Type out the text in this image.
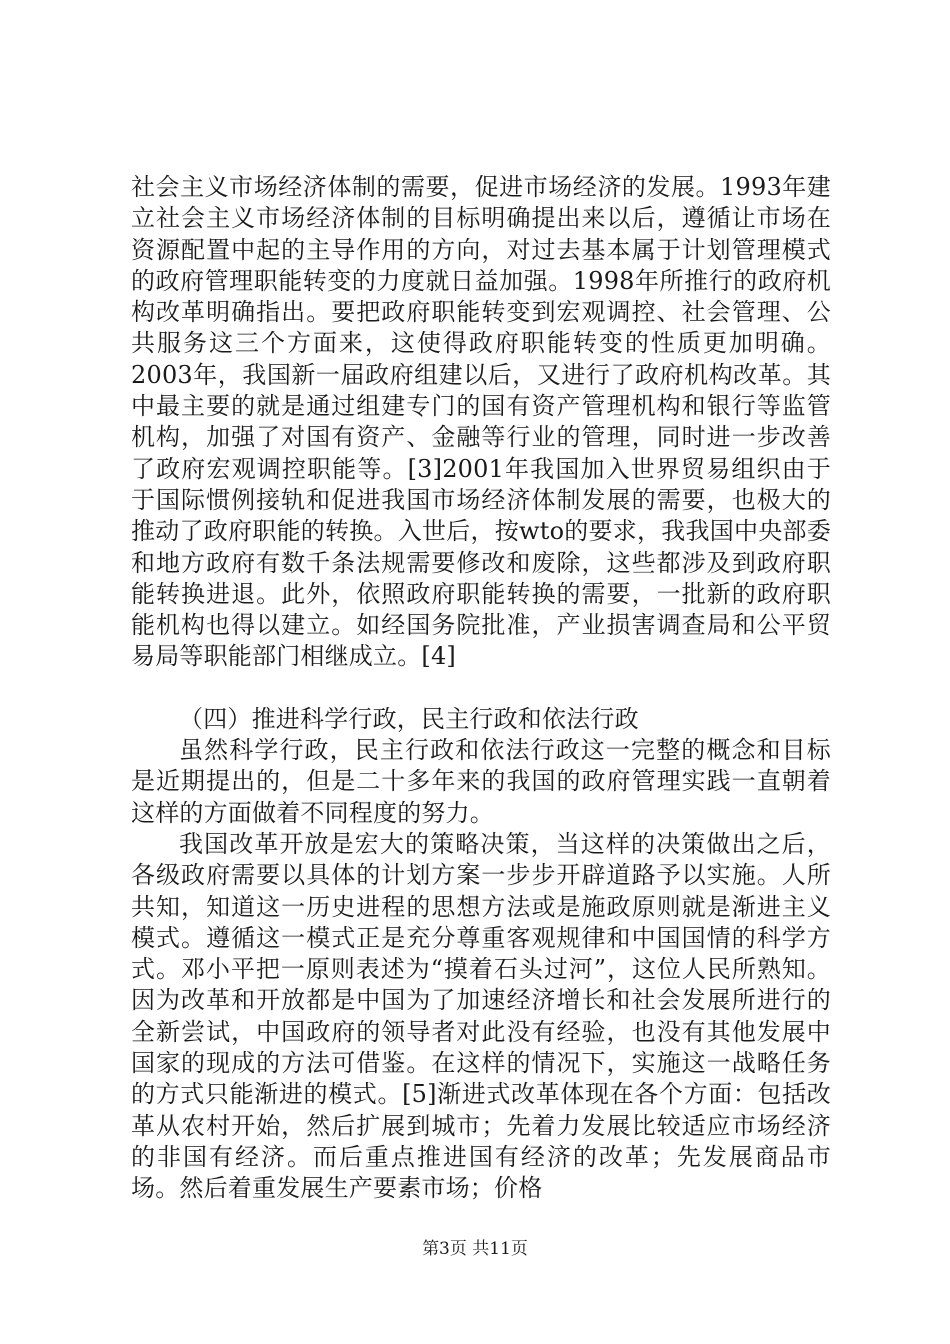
社会主义市场经济体制的需要，促进市场经济的发展。1993年建立社会主义市场经济体制的目标明确提出来以后，遵循让市场在资源配置中起的主导作用的方向，对过去基本属于计划管理模式的政府管理职能转变的力度就日益加强。1998年所推行的政府机构改革明确指出。要把政府职能转变到宏观调控、社会管理、公共服务这三个方面来，这使得政府职能转变的性质更加明确。2003年，我国新一届政府组建以后，又进行了政府机构改革。其中最主要的就是通过组建专门的国有资产管理机构和银行等监管机构，加强了对国有资产、金融等行业的管理，同时进一步改善了政府宏观调控职能等。[3]2001年我国加入世界贸易组织由于于国际惯例接轨和促进我国市场经济体制发展的需要，也极大的推动了政府职能的转换。入世后，按wto的要求，我我国中央部委和地方政府有数千条法规需要修改和废除，这些都涉及到政府职能转换进退。此外，依照政府职能转换的需要，一批新的政府职能机构也得以建立。如经国务院批准，产业损害调查局和公平贸易局等职能部门相继成立。[4]

（四）推进科学行政，民主行政和依法行政

虽然科学行政，民主行政和依法行政这一完整的概念和目标是近期提出的，但是二十多年来的我国的政府管理实践一直朝着这样的方面做着不同程度的努力。

我国改革开放是宏大的策略决策，当这样的决策做出之后，各级政府需要以具体的计划方案一步步开辟道路予以实施。人所共知，知道这一历史进程的思想方法或是施政原则就是渐进主义模式。遵循这一模式正是充分尊重客观规律和中国国情的科学方式。邓小平把一原则表述为“摸着石头过河”，这位人民所熟知。因为改革和开放都是中国为了加速经济增长和社会发展所进行的全新尝试，中国政府的领导者对此没有经验，也没有其他发展中国家的现成的方法可借鉴。在这样的情况下，实施这一战略任务的方式只能渐进的模式。[5]渐进式改革体现在各个方面：包括改革从农村开始，然后扩展到城市；先着力发展比较适应市场经济的非国有经济。而后重点推进国有经济的改革；先发展商品市场。然后着重发展生产要素市场；价格

第3页 共11页
